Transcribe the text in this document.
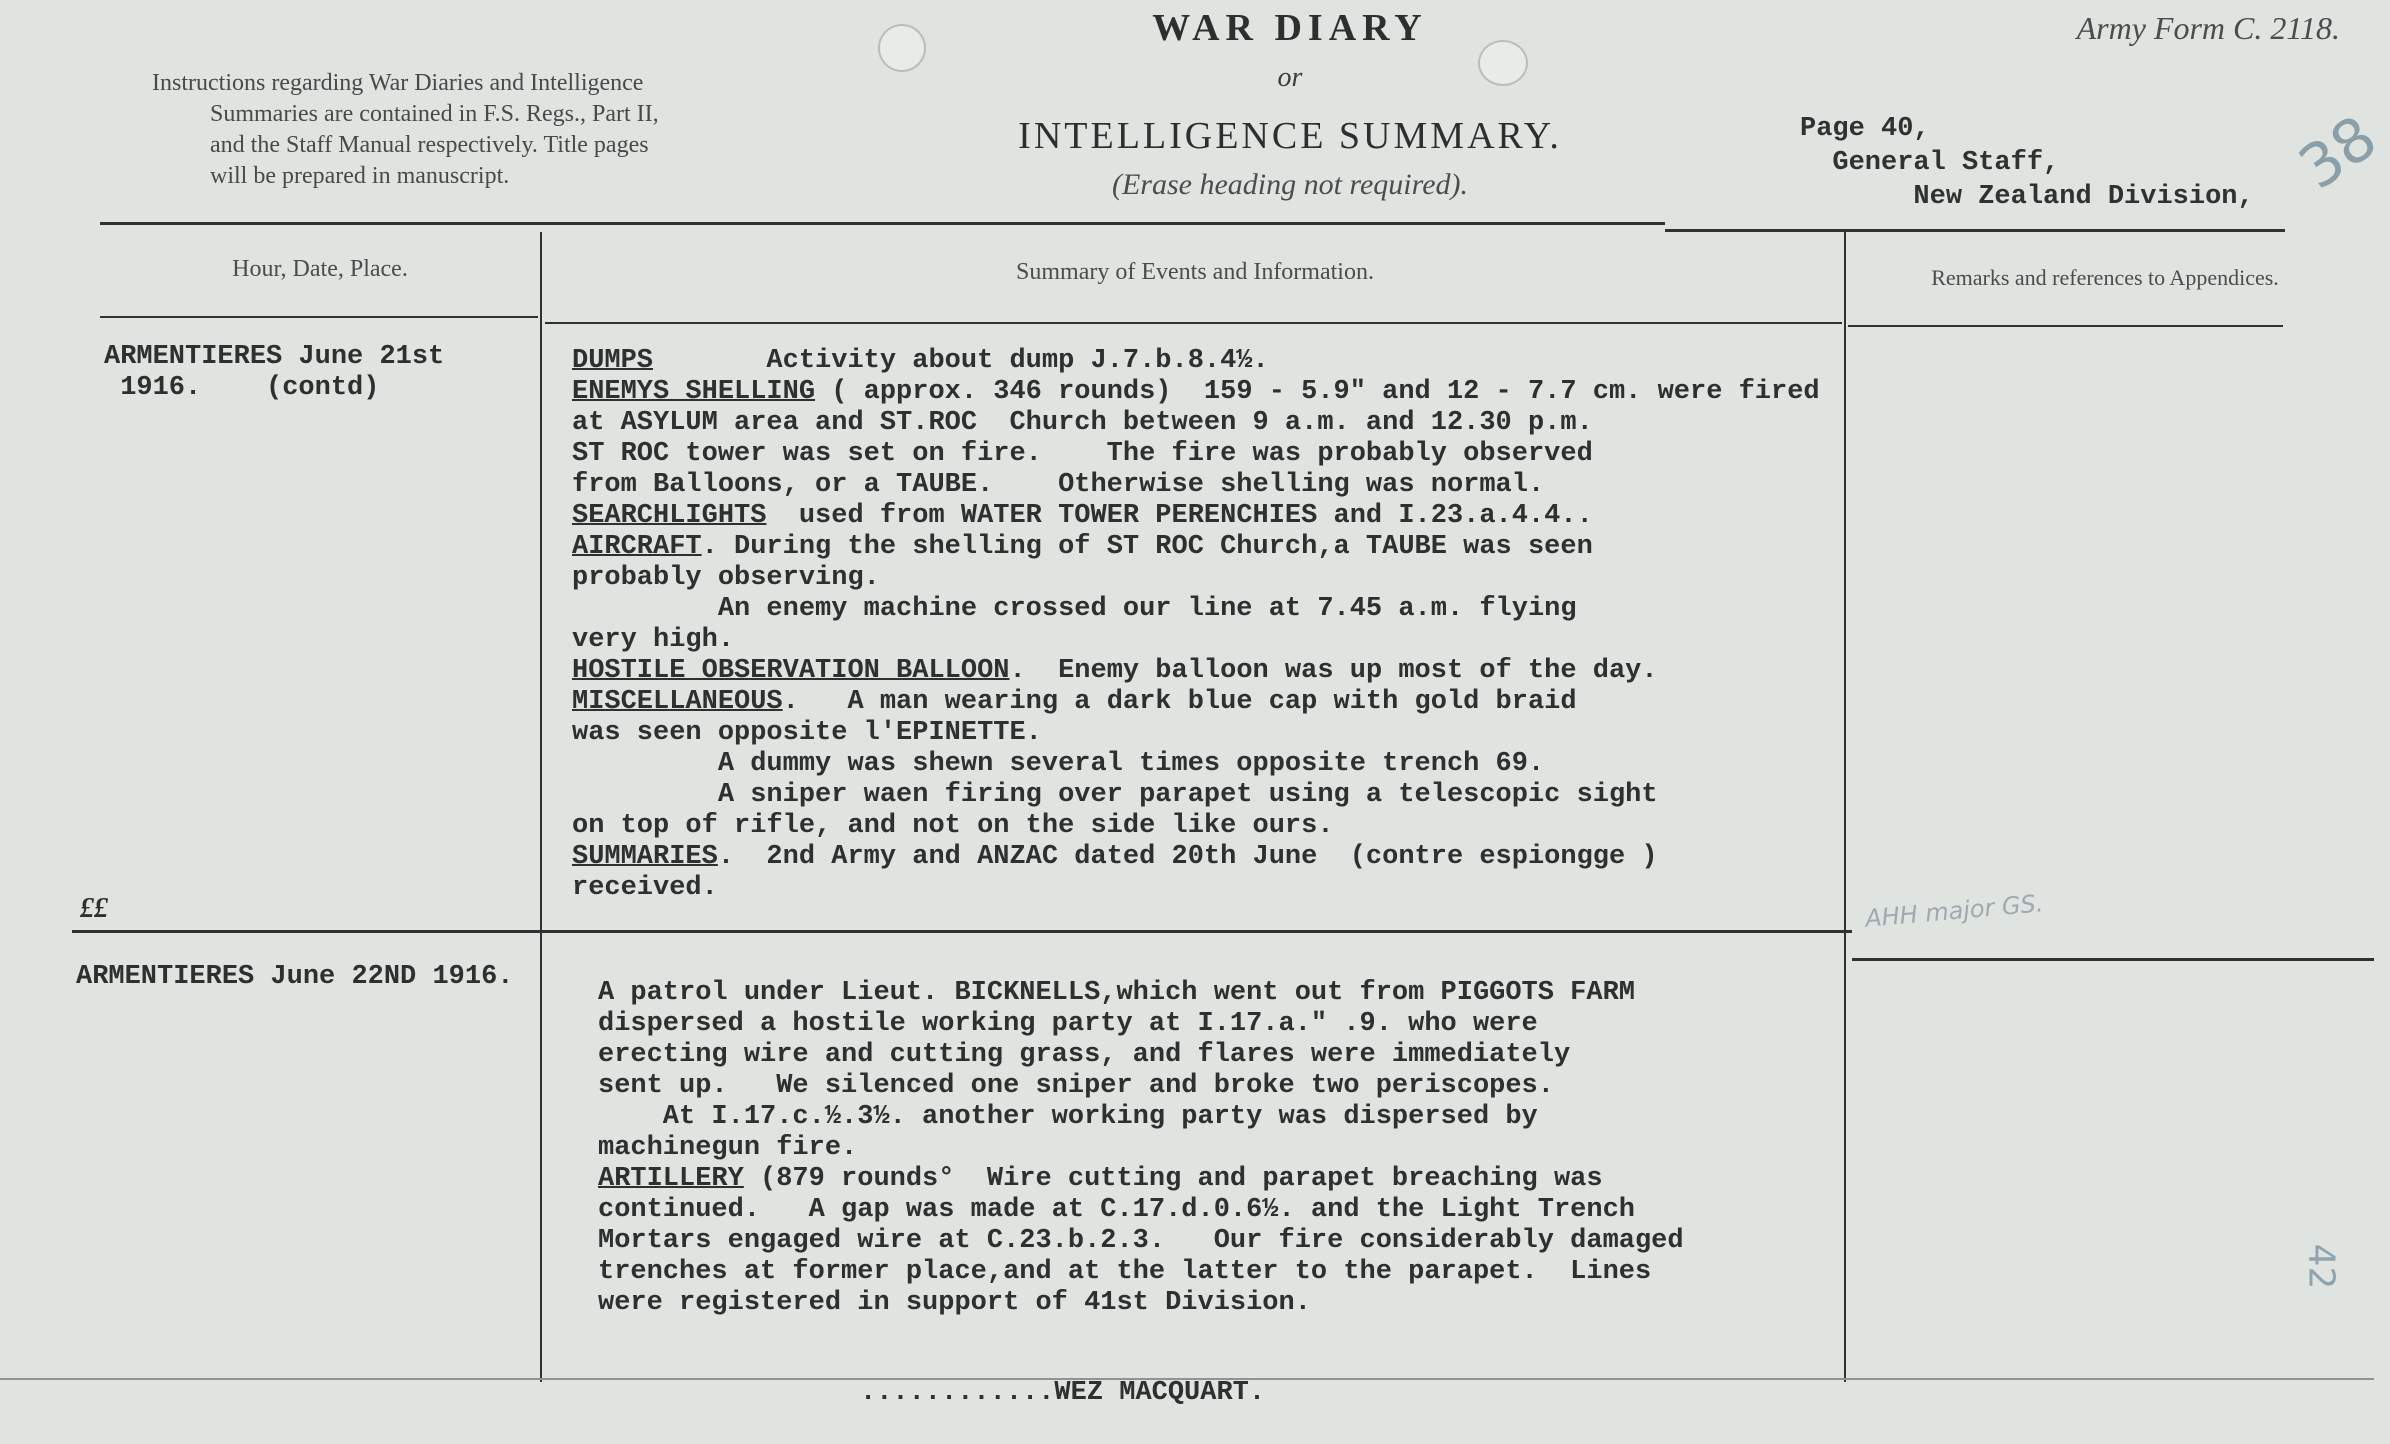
Instructions regarding War Diaries and Intelligence
Summaries are contained in F.S. Regs., Part II,
and the Staff Manual respectively. Title pages
will be prepared in manuscript.
WAR DIARY
or
INTELLIGENCE SUMMARY.
(Erase heading not required).
Army Form C. 2118.
Page 40,
General Staff,
New Zealand Division, 38
Hour, Date, Place.	Summary of Events and Information.	Remarks and references to Appendices.
ARMENTIERES June 21st
1916.    (contd)
DUMPS       Activity about dump J.7.b.8.4½.
ENEMYS SHELLING ( approx. 346 rounds)  159 - 5.9" and 12 - 7.7 cm. were fired
at ASYLUM area and ST.ROC  Church between 9 a.m. and 12.30 p.m.
ST ROC tower was set on fire.    The fire was probably observed
from Balloons, or a TAUBE.    Otherwise shelling was normal.
SEARCHLIGHTS  used from WATER TOWER PERENCHIES and I.23.a.4.4..
AIRCRAFT. During the shelling of ST ROC Church,a TAUBE was seen
probably observing.
An enemy machine crossed our line at 7.45 a.m. flying
very high.
HOSTILE OBSERVATION BALLOON.  Enemy balloon was up most of the day.
MISCELLANEOUS.   A man wearing a dark blue cap with gold braid
was seen opposite l'EPINETTE.
A dummy was shewn several times opposite trench 69.
A sniper waen firing over parapet using a telescopic sight
on top of rifle, and not on the side like ours.
SUMMARIES.  2nd Army and ANZAC dated 20th June  (contre espiongge )
received.
ARMENTIERES June 22ND 1916.
A patrol under Lieut. BICKNELLS,which went out from PIGGOTS FARM
dispersed a hostile working party at I.17.a." .9. who were
erecting wire and cutting grass, and flares were immediately
sent up.   We silenced one sniper and broke two periscopes.
At I.17.c.½.3½. another working party was dispersed by
machinegun fire.
ARTILLERY (879 rounds°  Wire cutting and parapet breaching was
continued.   A gap was made at C.17.d.0.6½. and the Light Trench
Mortars engaged wire at C.23.b.2.3.   Our fire considerably damaged
trenches at former place,and at the latter to the parapet.  Lines
were registered in support of 41st Division.
££	AHH major GS.
42
............WEZ MACQUART.
